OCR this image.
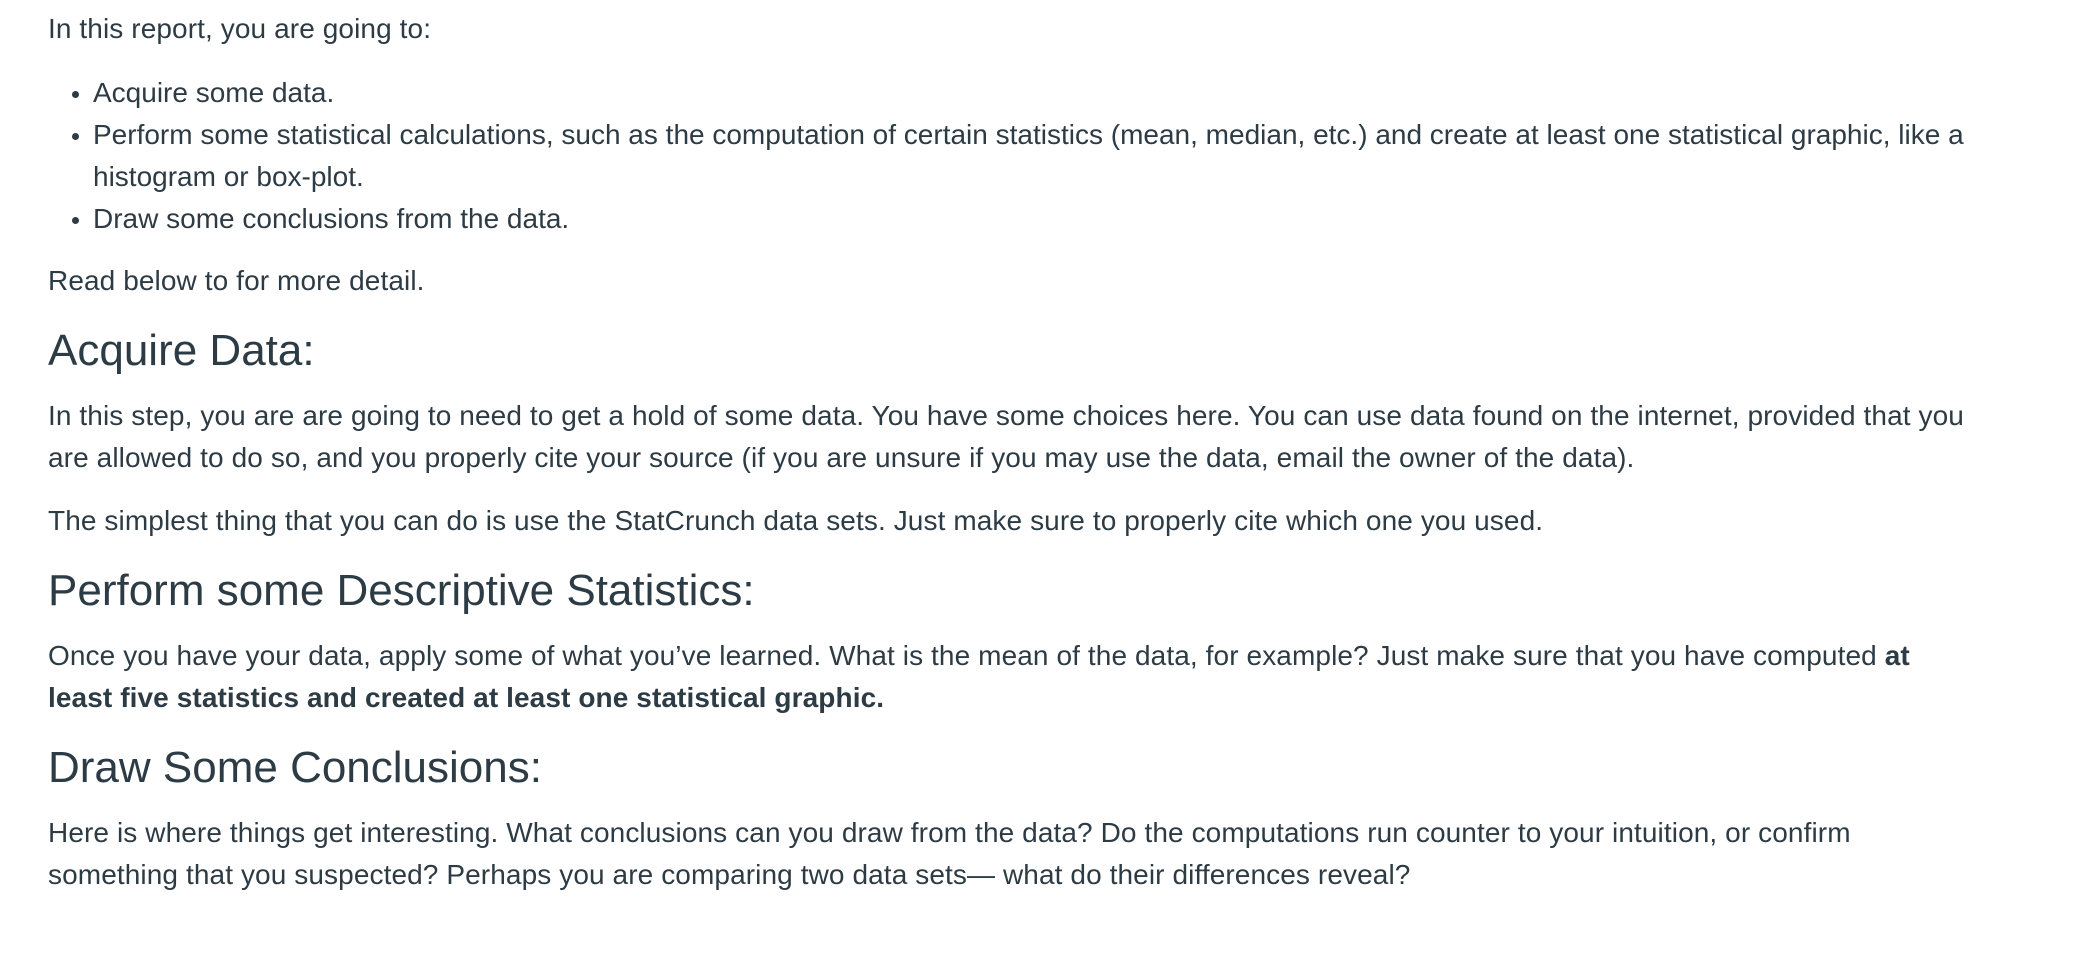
In this report, you are going to:

• Acquire some data.
• Perform some statistical calculations, such as the computation of certain statistics (mean, median, etc.) and create at least one statistical graphic, like a histogram or box-plot.
• Draw some conclusions from the data.

Read below to for more detail.

Acquire Data:

In this step, you are are going to need to get a hold of some data. You have some choices here. You can use data found on the internet, provided that you are allowed to do so, and you properly cite your source (if you are unsure if you may use the data, email the owner of the data).

The simplest thing that you can do is use the StatCrunch data sets. Just make sure to properly cite which one you used.

Perform some Descriptive Statistics:

Once you have your data, apply some of what you’ve learned. What is the mean of the data, for example? Just make sure that you have computed at least five statistics and created at least one statistical graphic.

Draw Some Conclusions:

Here is where things get interesting. What conclusions can you draw from the data? Do the computations run counter to your intuition, or confirm something that you suspected? Perhaps you are comparing two data sets— what do their differences reveal?
